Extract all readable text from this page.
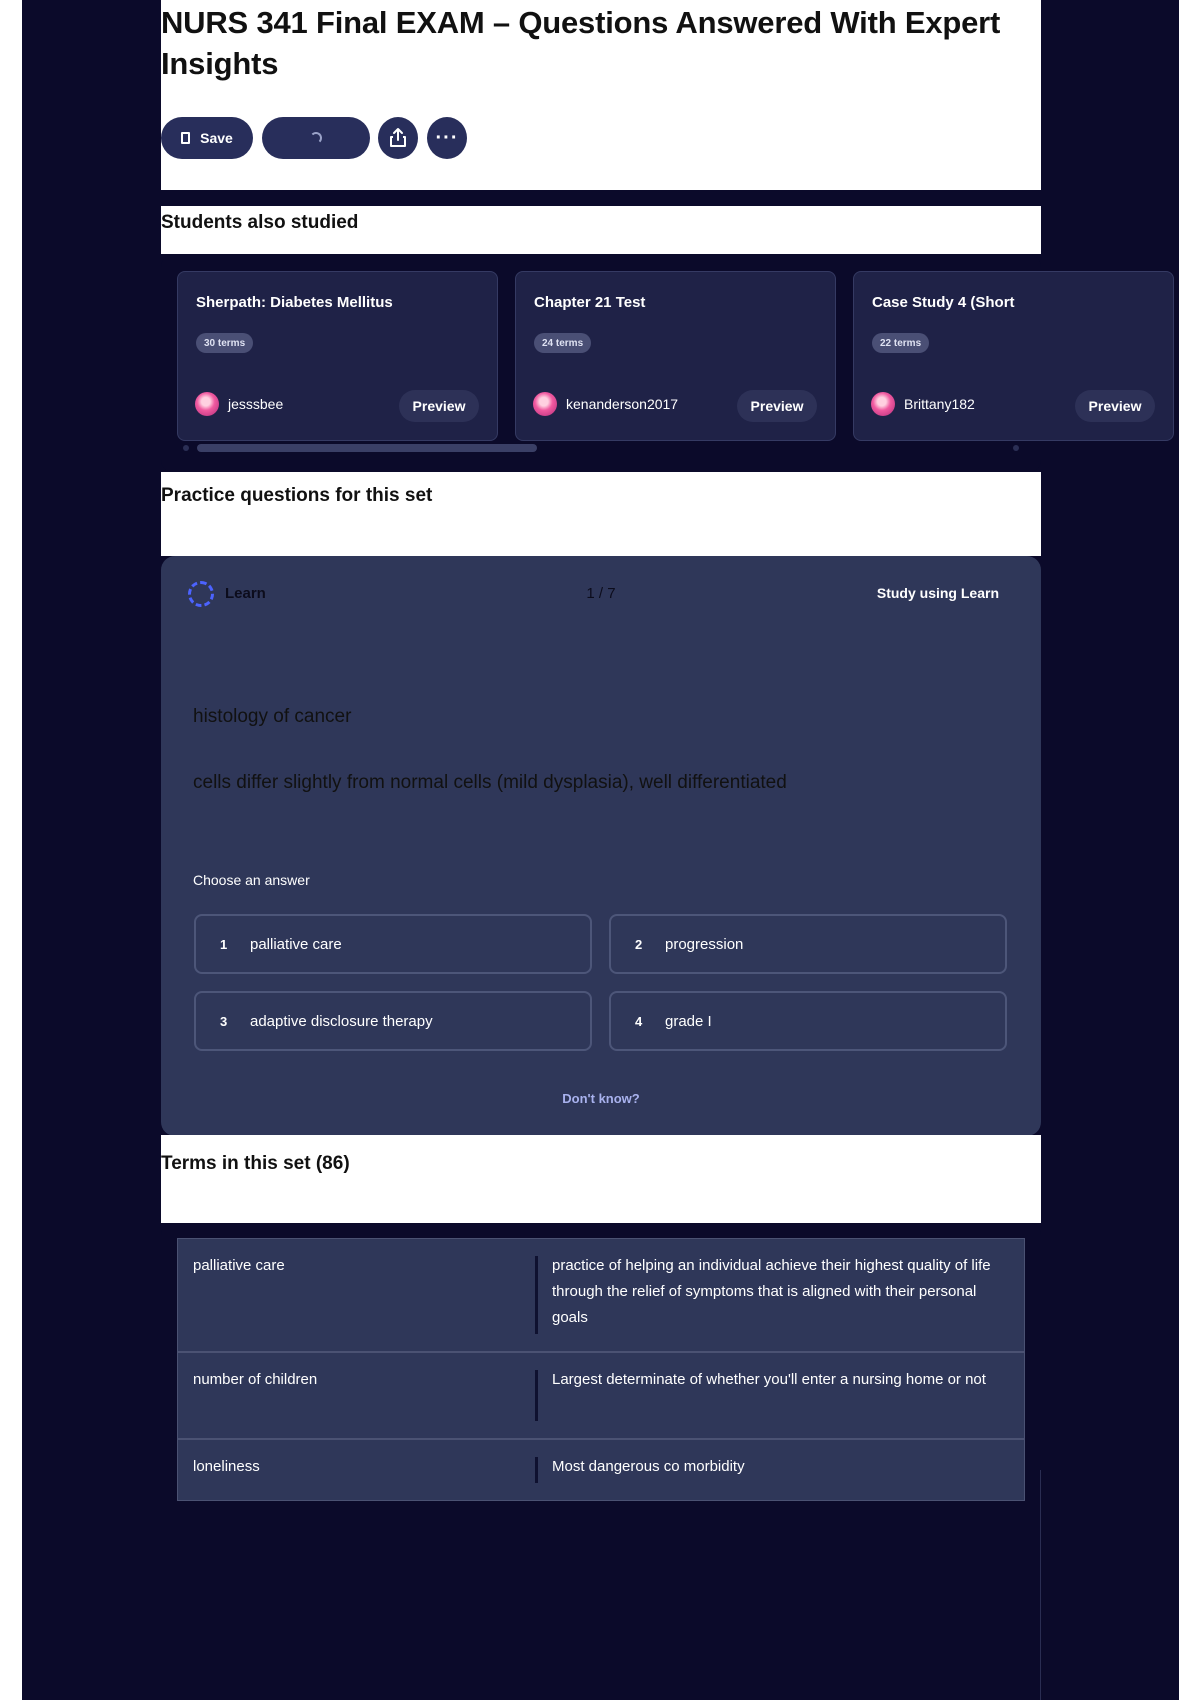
NURS 341 Final EXAM – Questions Answered With Expert Insights
Save	···
Students also studied
Sherpath: Diabetes Mellitus
30 terms
jesssbee	Preview
Chapter 21 Test
24 terms
kenanderson2017	Preview
Case Study 4 (Short
22 terms
Brittany182	Preview
Practice questions for this set
Learn	1 / 7	Study using Learn
histology of cancer
cells differ slightly from normal cells (mild dysplasia), well differentiated
Choose an answer
1	palliative care	2	progression
3	adaptive disclosure therapy	4	grade I
Don't know?
Terms in this set (86)
palliative care	practice of helping an individual achieve their highest quality of life through the relief of symptoms that is aligned with their personal goals
number of children	Largest determinate of whether you'll enter a nursing home or not
loneliness	Most dangerous co morbidity
